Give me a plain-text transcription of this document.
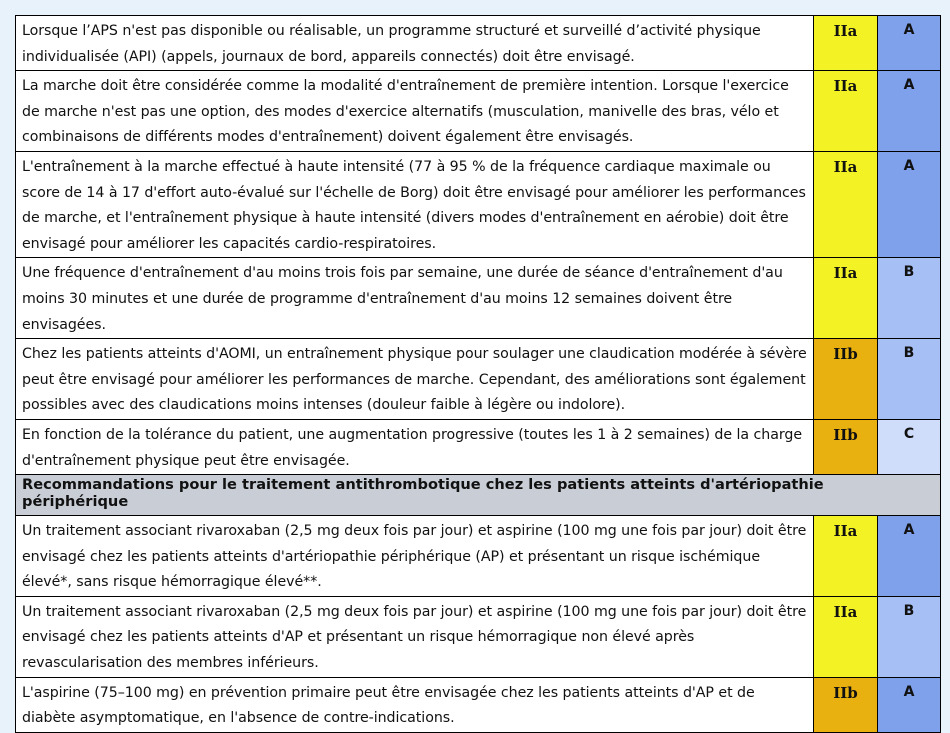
Lorsque l’APS n'est pas disponible ou réalisable, un programme structuré et surveillé d’activité physique individualisée (API) (appels, journaux de bord, appareils connectés) doit être envisagé.	IIa	A
La marche doit être considérée comme la modalité d'entraînement de première intention. Lorsque l'exercice de marche n'est pas une option, des modes d'exercice alternatifs (musculation, manivelle des bras, vélo et combinaisons de différents modes d'entraînement) doivent également être envisagés.	IIa	A
L'entraînement à la marche effectué à haute intensité (77 à 95 % de la fréquence cardiaque maximale ou score de 14 à 17 d'effort auto-évalué sur l'échelle de Borg) doit être envisagé pour améliorer les performances de marche, et l'entraînement physique à haute intensité (divers modes d'entraînement en aérobie) doit être envisagé pour améliorer les capacités cardio-respiratoires.	IIa	A
Une fréquence d'entraînement d'au moins trois fois par semaine, une durée de séance d'entraînement d'au moins 30 minutes et une durée de programme d'entraînement d'au moins 12 semaines doivent être envisagées.	IIa	B
Chez les patients atteints d'AOMI, un entraînement physique pour soulager une claudication modérée à sévère peut être envisagé pour améliorer les performances de marche. Cependant, des améliorations sont également possibles avec des claudications moins intenses (douleur faible à légère ou indolore).	IIb	B
En fonction de la tolérance du patient, une augmentation progressive (toutes les 1 à 2 semaines) de la charge d'entraînement physique peut être envisagée.	IIb	C

Recommandations pour le traitement antithrombotique chez les patients atteints d'artériopathie périphérique		

Un traitement associant rivaroxaban (2,5 mg deux fois par jour) et aspirine (100 mg une fois par jour) doit être envisagé chez les patients atteints d'artériopathie périphérique (AP) et présentant un risque ischémique élevé*, sans risque hémorragique élevé**.	IIa	A
Un traitement associant rivaroxaban (2,5 mg deux fois par jour) et aspirine (100 mg une fois par jour) doit être envisagé chez les patients atteints d'AP et présentant un risque hémorragique non élevé après revascularisation des membres inférieurs.	IIa	B
L'aspirine (75–100 mg) en prévention primaire peut être envisagée chez les patients atteints d'AP et de diabète asymptomatique, en l'absence de contre-indications.	IIb	A
